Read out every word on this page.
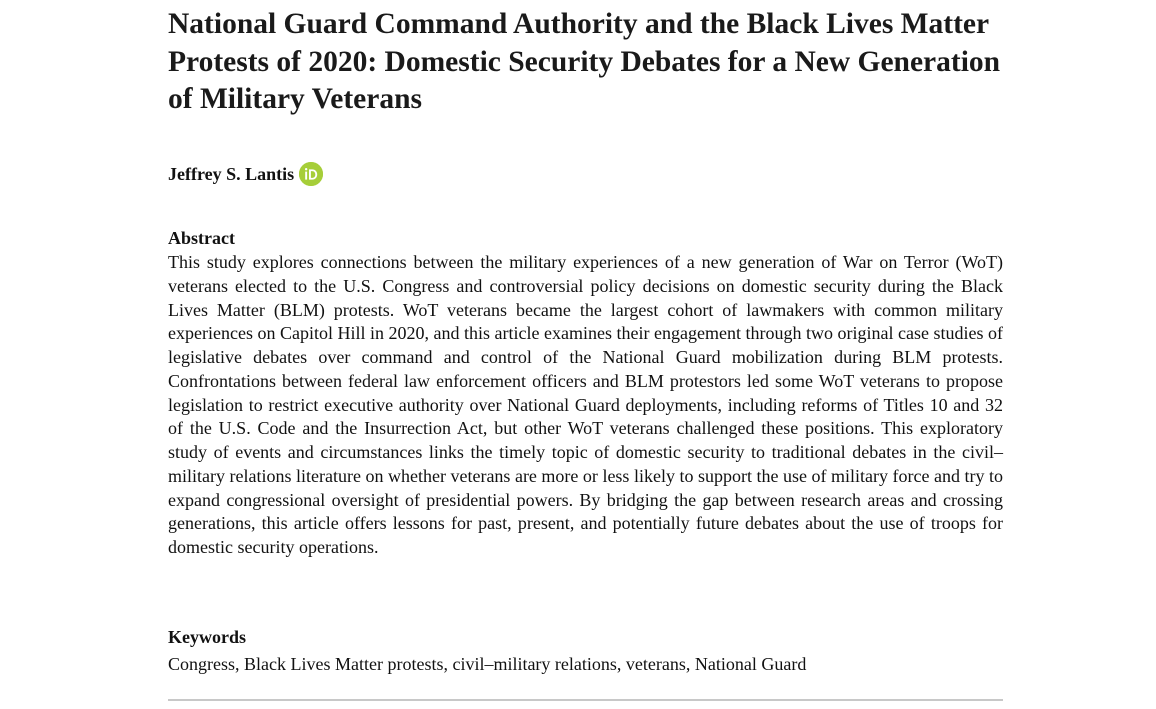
National Guard Command Authority and the Black Lives Matter Protests of 2020: Domestic Security Debates for a New Generation of Military Veterans
Jeffrey S. Lantis
Abstract

This study explores connections between the military experiences of a new generation of War on Terror (WoT) veterans elected to the U.S. Congress and controversial policy decisions on domestic security during the Black Lives Matter (BLM) protests. WoT veterans became the largest cohort of lawmakers with common military experiences on Capitol Hill in 2020, and this article examines their engagement through two original case studies of legislative debates over command and control of the National Guard mobilization during BLM protests. Confrontations between federal law enforcement officers and BLM protestors led some WoT veterans to propose legislation to restrict executive authority over National Guard deployments, including reforms of Titles 10 and 32 of the U.S. Code and the Insurrection Act, but other WoT veterans challenged these positions. This exploratory study of events and circumstances links the timely topic of domestic security to traditional debates in the civil–military relations literature on whether veterans are more or less likely to support the use of military force and try to expand congressional oversight of presidential powers. By bridging the gap between research areas and crossing generations, this article offers lessons for past, present, and potentially future debates about the use of troops for domestic security operations.

Keywords

Congress, Black Lives Matter protests, civil–military relations, veterans, National Guard
